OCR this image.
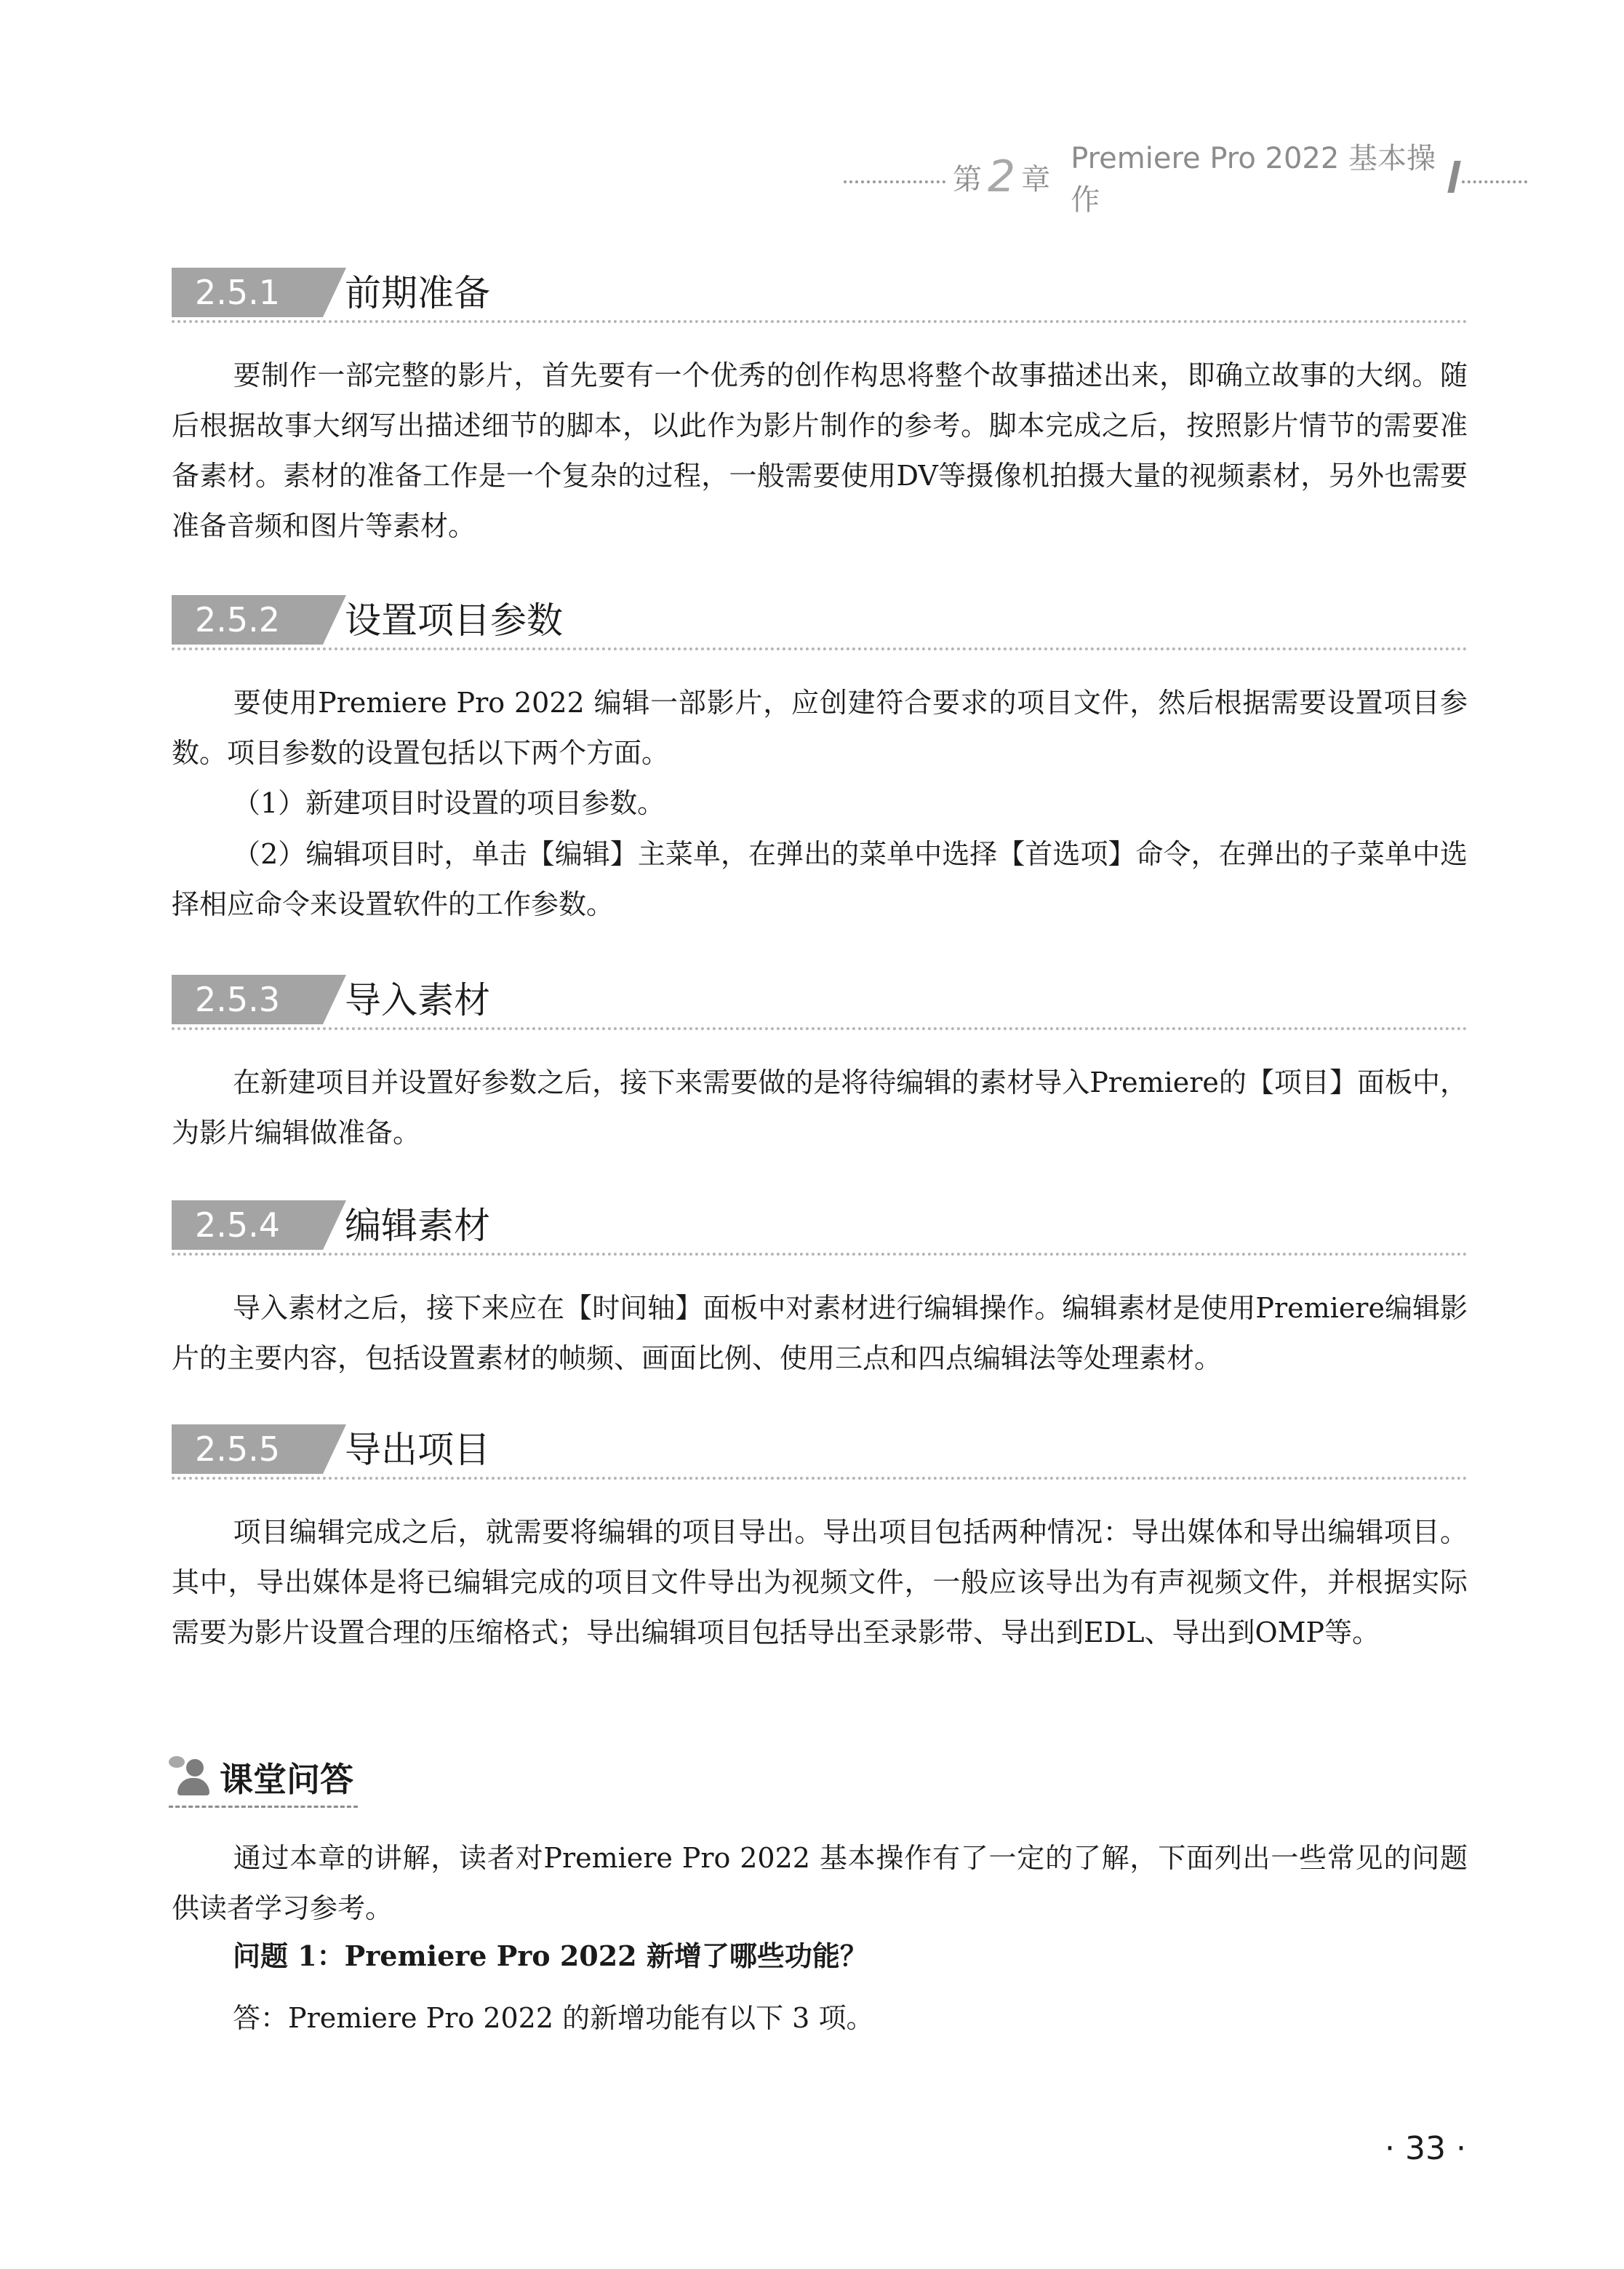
第 2 章
Premiere Pro 2022 基本操作
2.5.1	前期准备

要制作一部完整的影片，首先要有一个优秀的创作构思将整个故事描述出来，即确立故事的大纲。随后根据故事大纲写出描述细节的脚本，以此作为影片制作的参考。脚本完成之后，按照影片情节的需要准备素材。素材的准备工作是一个复杂的过程，一般需要使用DV等摄像机拍摄大量的视频素材，另外也需要准备音频和图片等素材。

2.5.2	设置项目参数

要使用Premiere Pro 2022 编辑一部影片，应创建符合要求的项目文件，然后根据需要设置项目参数。项目参数的设置包括以下两个方面。

（1）新建项目时设置的项目参数。

（2）编辑项目时，单击【编辑】主菜单，在弹出的菜单中选择【首选项】命令，在弹出的子菜单中选择相应命令来设置软件的工作参数。

2.5.3	导入素材

在新建项目并设置好参数之后，接下来需要做的是将待编辑的素材导入Premiere的【项目】面板中，为影片编辑做准备。

2.5.4	编辑素材

导入素材之后，接下来应在【时间轴】面板中对素材进行编辑操作。编辑素材是使用Premiere编辑影片的主要内容，包括设置素材的帧频、画面比例、使用三点和四点编辑法等处理素材。

2.5.5	导出项目

项目编辑完成之后，就需要将编辑的项目导出。导出项目包括两种情况：导出媒体和导出编辑项目。其中，导出媒体是将已编辑完成的项目文件导出为视频文件，一般应该导出为有声视频文件，并根据实际需要为影片设置合理的压缩格式；导出编辑项目包括导出至录影带、导出到EDL、导出到OMP等。

课堂问答

通过本章的讲解，读者对Premiere Pro 2022 基本操作有了一定的了解，下面列出一些常见的问题供读者学习参考。

问题 1：Premiere Pro 2022 新增了哪些功能？
答：Premiere Pro 2022 的新增功能有以下 3 项。
· 33 ·
